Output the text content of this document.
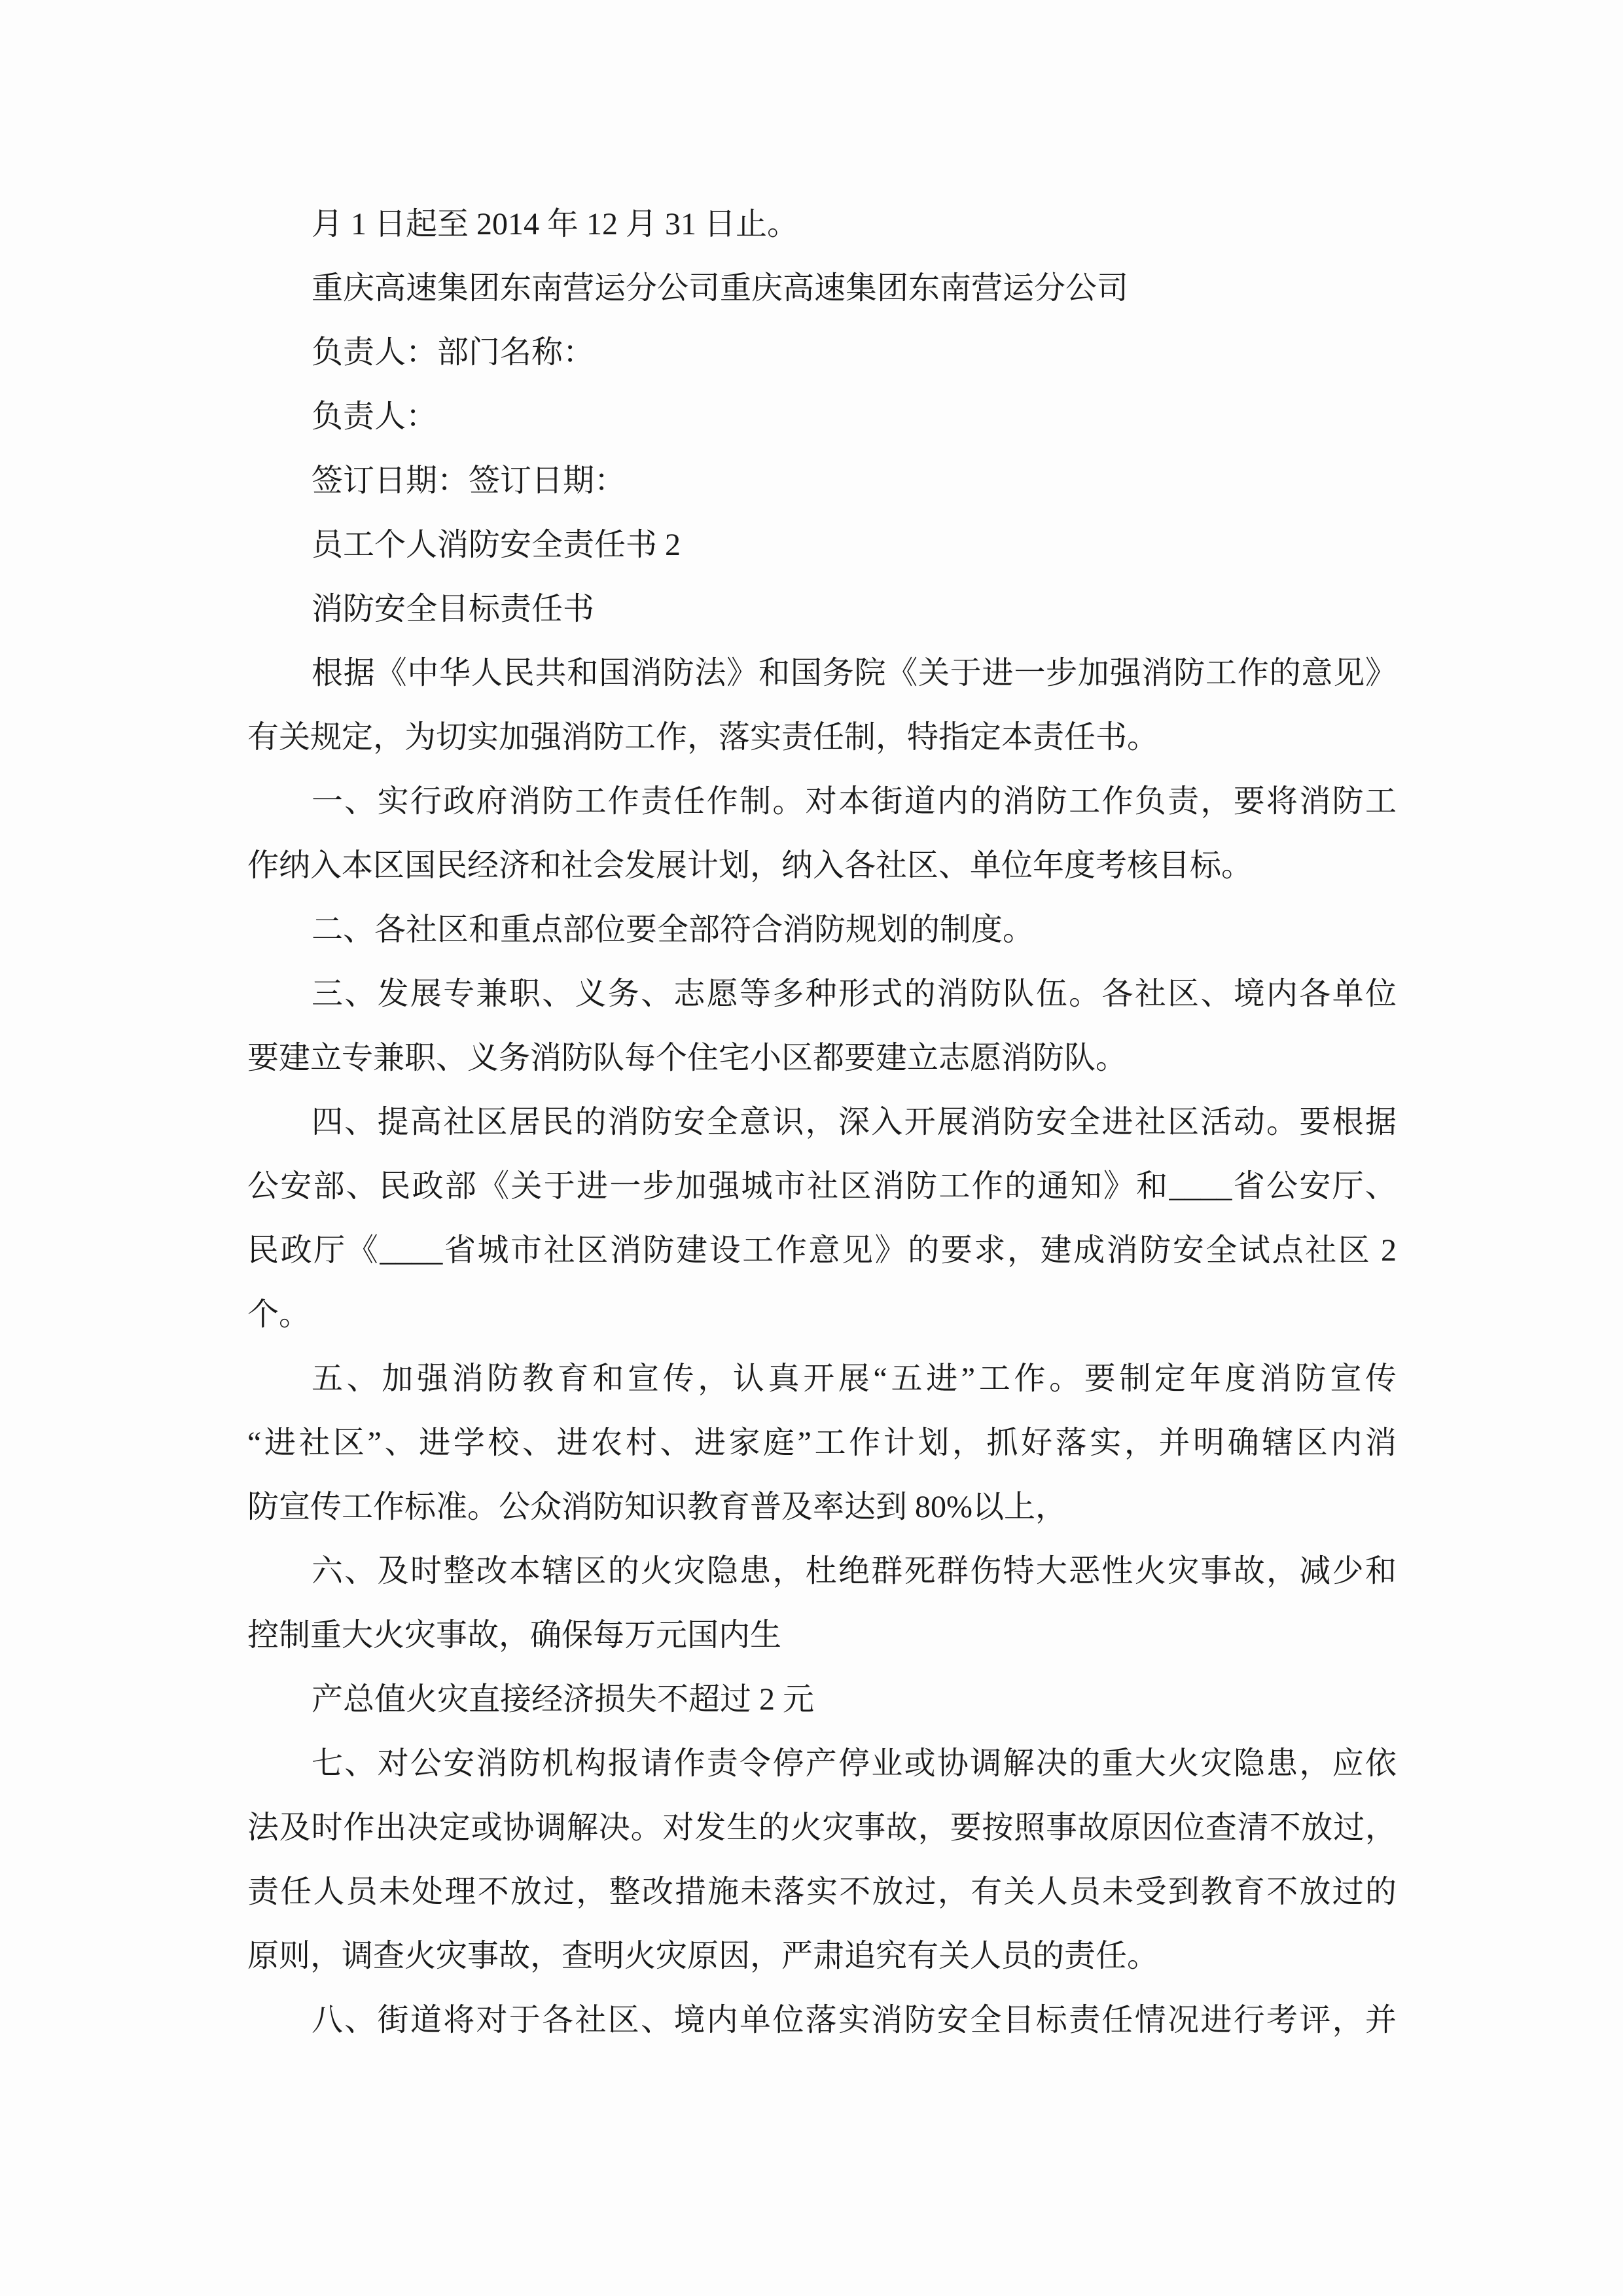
月 1 日起至 2014 年 12 月 31 日止。
重庆高速集团东南营运分公司重庆高速集团东南营运分公司
负责人：部门名称：
负责人：
签订日期：签订日期：
员工个人消防安全责任书 2
消防安全目标责任书
根据《中华人民共和国消防法》和国务院《关于进一步加强消防工作的意见》
有关规定，为切实加强消防工作，落实责任制，特指定本责任书。
一、实行政府消防工作责任作制。对本街道内的消防工作负责，要将消防工
作纳入本区国民经济和社会发展计划，纳入各社区、单位年度考核目标。
二、各社区和重点部位要全部符合消防规划的制度。
三、发展专兼职、义务、志愿等多种形式的消防队伍。各社区、境内各单位
要建立专兼职、义务消防队每个住宅小区都要建立志愿消防队。
四、提高社区居民的消防安全意识，深入开展消防安全进社区活动。要根据
公安部、民政部《关于进一步加强城市社区消防工作的通知》和____省公安厅、
民政厅《____省城市社区消防建设工作意见》的要求，建成消防安全试点社区 2
个。
五、加强消防教育和宣传，认真开展“五进”工作。要制定年度消防宣传
“进社区”、进学校、进农村、进家庭”工作计划，抓好落实，并明确辖区内消
防宣传工作标准。公众消防知识教育普及率达到 80%以上，
六、及时整改本辖区的火灾隐患，杜绝群死群伤特大恶性火灾事故，减少和
控制重大火灾事故，确保每万元国内生
产总值火灾直接经济损失不超过 2 元
七、对公安消防机构报请作责令停产停业或协调解决的重大火灾隐患，应依
法及时作出决定或协调解决。对发生的火灾事故，要按照事故原因位查清不放过，
责任人员未处理不放过，整改措施未落实不放过，有关人员未受到教育不放过的
原则，调查火灾事故，查明火灾原因，严肃追究有关人员的责任。
八、街道将对于各社区、境内单位落实消防安全目标责任情况进行考评，并
